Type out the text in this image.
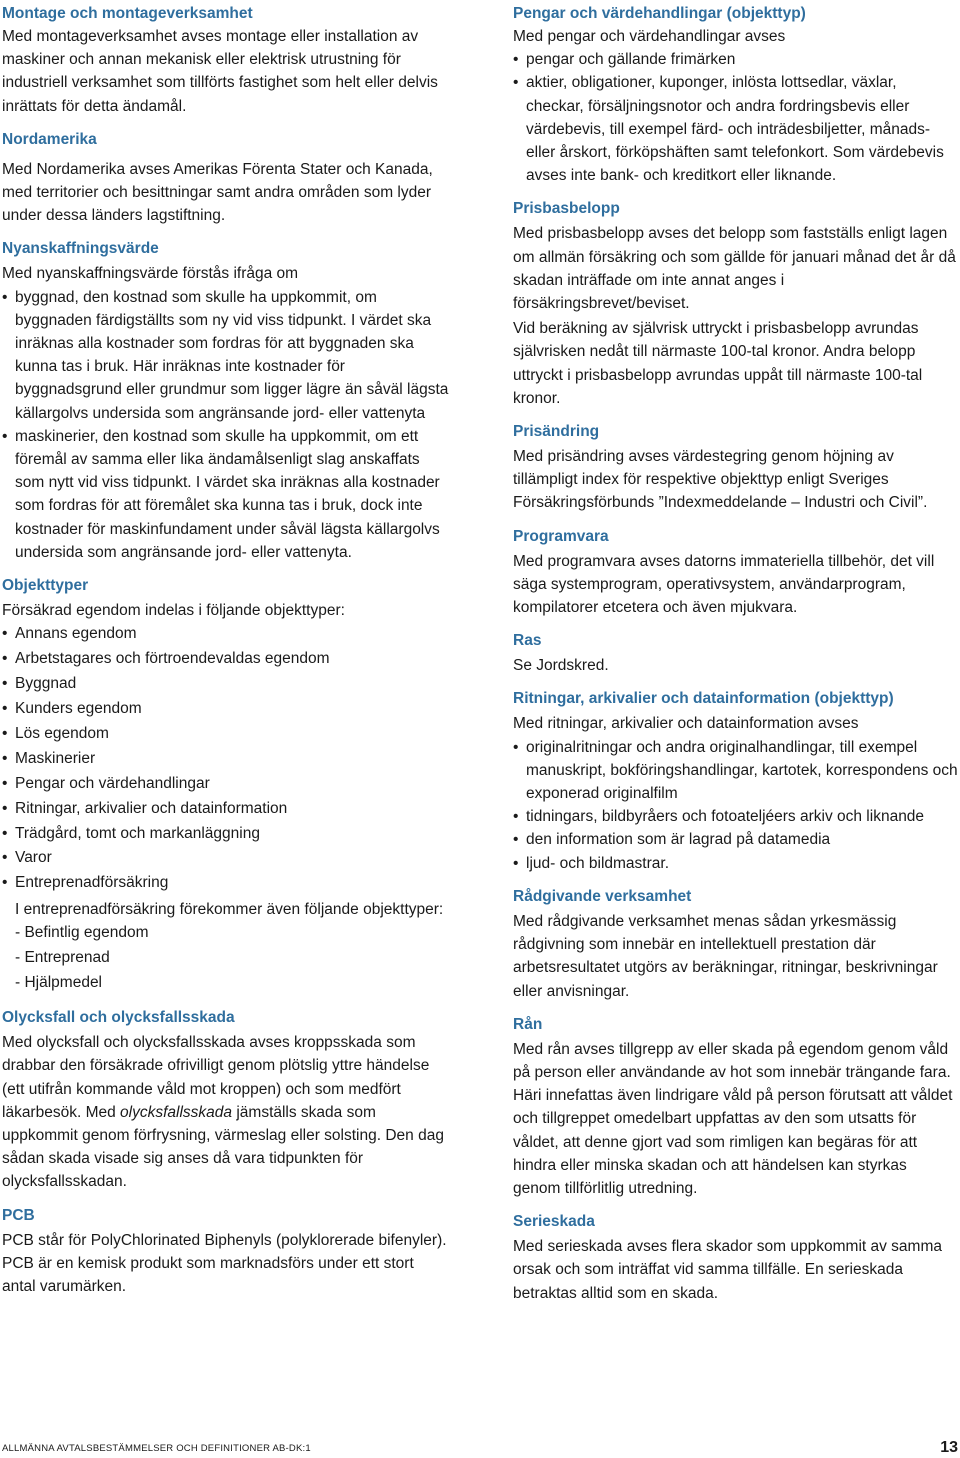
Montage och montageverksamhet

Med montageverksamhet avses montage eller installation av maskiner och annan mekanisk eller elektrisk utrustning för industriell verksamhet som tillförts fastighet som helt eller delvis inrättats för detta ändamål.

Nordamerika

Med Nordamerika avses Amerikas Förenta Stater och Kanada, med territorier och besittningar samt andra områden som lyder under dessa länders lagstiftning.

Nyanskaffningsvärde

Med nyanskaffningsvärde förstås ifråga om

• byggnad, den kostnad som skulle ha uppkommit, om byggnaden färdigställts som ny vid viss tidpunkt. I värdet ska inräknas alla kostnader som fordras för att byggnaden ska kunna tas i bruk. Här inräknas inte kostnader för byggnadsgrund eller grundmur som ligger lägre än såväl lägsta källargolvs undersida som angränsande jord- eller vattenyta
• maskinerier, den kostnad som skulle ha uppkommit, om ett föremål av samma eller lika ändamålsenligt slag anskaffats som nytt vid viss tidpunkt. I värdet ska inräknas alla kostnader som fordras för att föremålet ska kunna tas i bruk, dock inte kostnader för maskinfundament under såväl lägsta källargolvs undersida som angränsande jord- eller vattenyta.
Objekttyper

Försäkrad egendom indelas i följande objekttyper:

• Annans egendom
• Arbetstagares och förtroendevaldas egendom
• Byggnad
• Kunders egendom
• Lös egendom
• Maskinerier
• Pengar och värdehandlingar
• Ritningar, arkivalier och datainformation
• Trädgård, tomt och markanläggning
• Varor
• Entreprenadförsäkring

I entreprenadförsäkring förekommer även följande objekttyper:

- Befintlig egendom
- Entreprenad
- Hjälpmedel
Olycksfall och olycksfallsskada

Med olycksfall och olycksfallsskada avses kroppsskada som drabbar den försäkrade ofrivilligt genom plötslig yttre händelse (ett utifrån kommande våld mot kroppen) och som medfört läkarbesök. Med olycksfallsskada jämställs skada som uppkommit genom förfrysning, värmeslag eller solsting. Den dag sådan skada visade sig anses då vara tidpunkten för olycksfallsskadan.

PCB

PCB står för PolyChlorinated Biphenyls (polyklorerade bifenyler). PCB är en kemisk produkt som marknadsförs under ett stort antal varumärken.

Pengar och värdehandlingar (objekttyp)

Med pengar och värdehandlingar avses

• pengar och gällande frimärken
• aktier, obligationer, kuponger, inlösta lottsedlar, växlar, checkar, försäljningsnotor och andra fordringsbevis eller värdebevis, till exempel färd- och inträdesbiljetter, månads- eller årskort, förköpshäften samt telefonkort. Som värdebevis avses inte bank- och kreditkort eller liknande.
Prisbasbelopp

Med prisbasbelopp avses det belopp som fastställs enligt lagen om allmän försäkring och som gällde för januari månad det år då skadan inträffade om inte annat anges i försäkringsbrevet/beviset.

Vid beräkning av självrisk uttryckt i prisbasbelopp avrundas självrisken nedåt till närmaste 100-tal kronor. Andra belopp uttryckt i prisbasbelopp avrundas uppåt till närmaste 100-tal kronor.

Prisändring

Med prisändring avses värdestegring genom höjning av tillämpligt index för respektive objekttyp enligt Sveriges Försäkringsförbunds ”Indexmeddelande – Industri och Civil”.

Programvara

Med programvara avses datorns immateriella tillbehör, det vill säga systemprogram, operativsystem, användarprogram, kompilatorer etcetera och även mjukvara.

Ras

Se Jordskred.

Ritningar, arkivalier och datainformation (objekttyp)

Med ritningar, arkivalier och datainformation avses

• originalritningar och andra originalhandlingar, till exempel manuskript, bokföringshandlingar, kartotek, korrespondens och exponerad originalfilm
• tidningars, bildbyråers och fotoateljéers arkiv och liknande
• den information som är lagrad på datamedia
• ljud- och bildmastrar.
Rådgivande verksamhet

Med rådgivande verksamhet menas sådan yrkesmässig rådgivning som innebär en intellektuell prestation där arbetsresultatet utgörs av beräkningar, ritningar, beskrivningar eller anvisningar.

Rån

Med rån avses tillgrepp av eller skada på egendom genom våld på person eller användande av hot som innebär trängande fara. Häri innefattas även lindrigare våld på person förutsatt att våldet och tillgreppet omedelbart uppfattas av den som utsatts för våldet, att denne gjort vad som rimligen kan begäras för att hindra eller minska skadan och att händelsen kan styrkas genom tillförlitlig utredning.

Serieskada

Med serieskada avses flera skador som uppkommit av samma orsak och som inträffat vid samma tillfälle. En serieskada betraktas alltid som en skada.

ALLMÄNNA AVTALSBESTÄMMELSER OCH DEFINITIONER AB-DK:1	13
